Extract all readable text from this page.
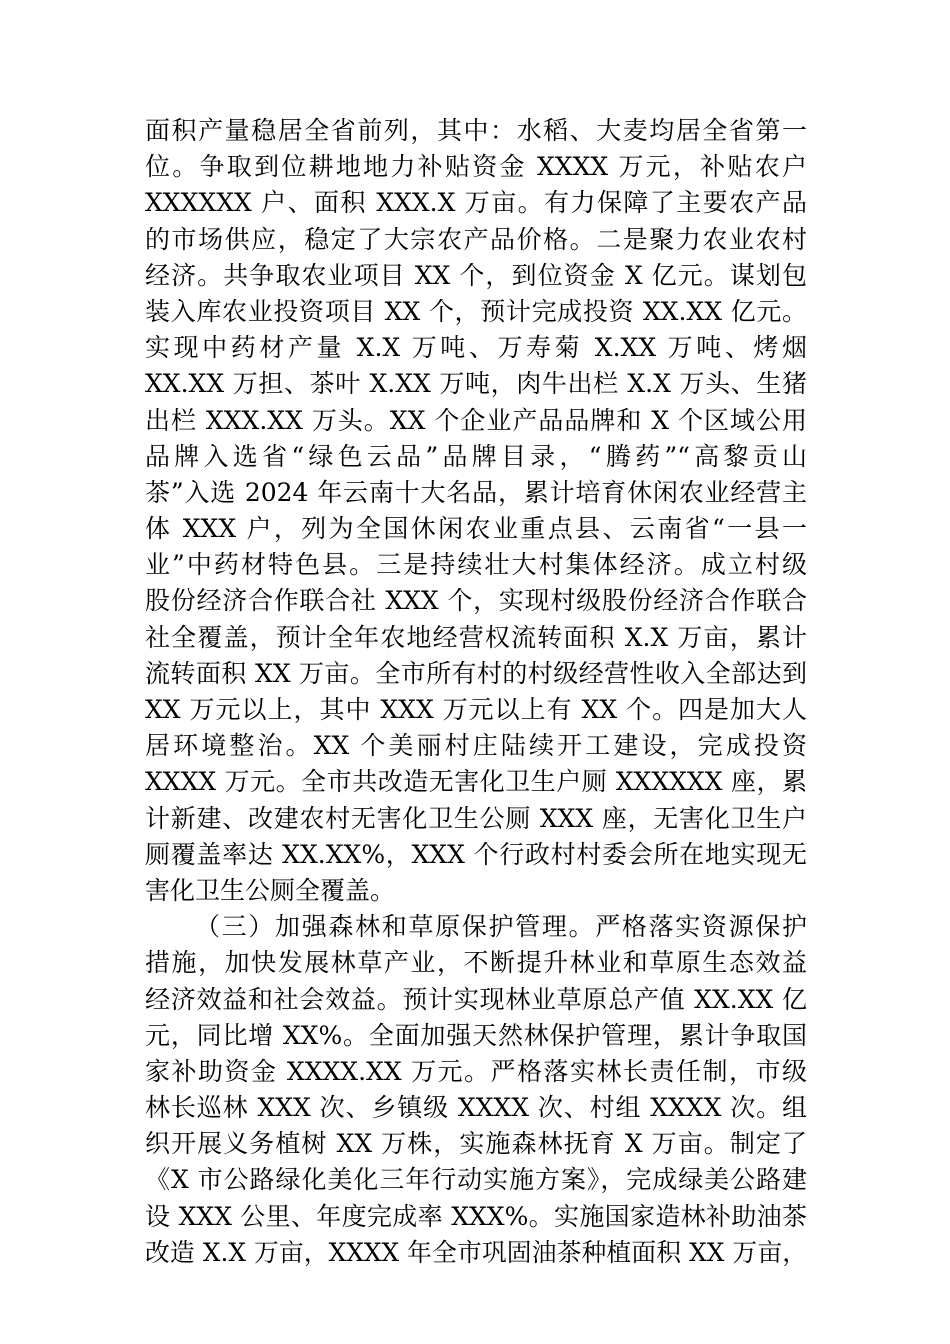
面积产量稳居全省前列，其中：水稻、大麦均居全省第一
位。争取到位耕地地力补贴资金 XXXX 万元，补贴农户
XXXXXX 户、面积 XXX.X 万亩。有力保障了主要农产品
的市场供应，稳定了大宗农产品价格。二是聚力农业农村
经济。共争取农业项目 XX 个，到位资金 X 亿元。谋划包
装入库农业投资项目 XX 个，预计完成投资 XX.XX 亿元。
实现中药材产量 X.X 万吨、万寿菊 X.XX 万吨、烤烟
XX.XX 万担、茶叶 X.XX 万吨，肉牛出栏 X.X 万头、生猪
出栏 XXX.XX 万头。XX 个企业产品品牌和 X 个区域公用
品牌入选省“绿色云品”品牌目录，“腾药”“高黎贡山
茶”入选 2024 年云南十大名品，累计培育休闲农业经营主
体 XXX 户，列为全国休闲农业重点县、云南省“一县一
业”中药材特色县。三是持续壮大村集体经济。成立村级
股份经济合作联合社 XXX 个，实现村级股份经济合作联合
社全覆盖，预计全年农地经营权流转面积 X.X 万亩，累计
流转面积 XX 万亩。全市所有村的村级经营性收入全部达到
XX 万元以上，其中 XXX 万元以上有 XX 个。四是加大人
居环境整治。XX 个美丽村庄陆续开工建设，完成投资
XXXX 万元。全市共改造无害化卫生户厕 XXXXXX 座，累
计新建、改建农村无害化卫生公厕 XXX 座，无害化卫生户
厕覆盖率达 XX.XX%，XXX 个行政村村委会所在地实现无
害化卫生公厕全覆盖。
（三）加强森林和草原保护管理。严格落实资源保护
措施，加快发展林草产业，不断提升林业和草原生态效益
经济效益和社会效益。预计实现林业草原总产值 XX.XX 亿
元，同比增 XX%。全面加强天然林保护管理，累计争取国
家补助资金 XXXX.XX 万元。严格落实林长责任制，市级
林长巡林 XXX 次、乡镇级 XXXX 次、村组 XXXX 次。组
织开展义务植树 XX 万株，实施森林抚育 X 万亩。制定了
《X 市公路绿化美化三年行动实施方案》，完成绿美公路建
设 XXX 公里、年度完成率 XXX%。实施国家造林补助油茶
改造 X.X 万亩，XXXX 年全市巩固油茶种植面积 XX 万亩，
